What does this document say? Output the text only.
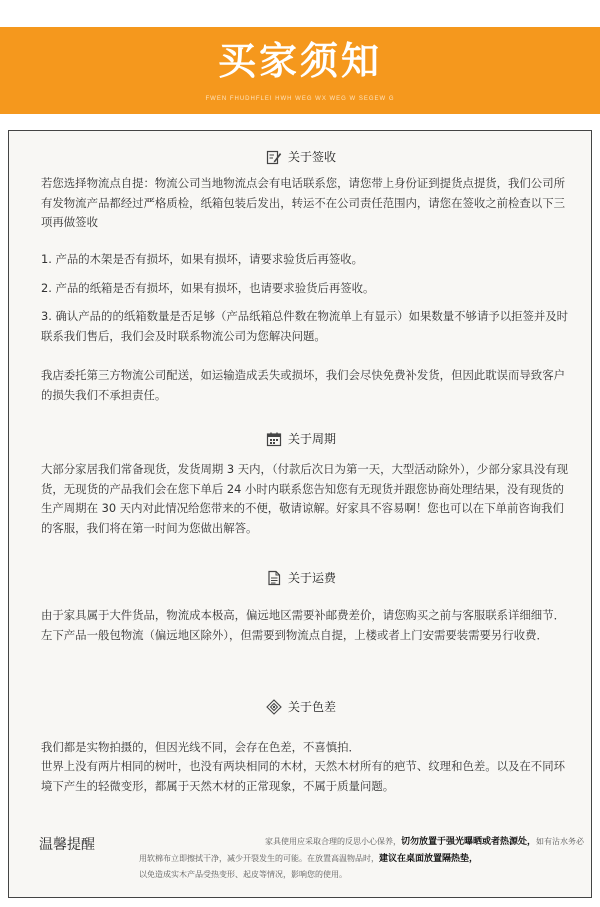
买家须知
FWEN FHUDHFLEI HWH WEG WX WEG W SEGEW G
关于签收
若您选择物流点自提：物流公司当地物流点会有电话联系您，请您带上身份证到提货点提货，我们公司所有发物流产品都经过严格质检，纸箱包装后发出，转运不在公司责任范围内，请您在签收之前检查以下三项再做签收
1. 产品的木架是否有损坏，如果有损坏，请要求验货后再签收。
2. 产品的纸箱是否有损坏，如果有损坏，也请要求验货后再签收。
3. 确认产品的的纸箱数量是否足够（产品纸箱总件数在物流单上有显示）如果数量不够请予以拒签并及时联系我们售后，我们会及时联系物流公司为您解决问题。
我店委托第三方物流公司配送，如运输造成丢失或损坏，我们会尽快免费补发货，但因此耽误而导致客户的损失我们不承担责任。
关于周期
大部分家居我们常备现货，发货周期 3 天内，（付款后次日为第一天，大型活动除外），少部分家具没有现货，无现货的产品我们会在您下单后 24 小时内联系您告知您有无现货并跟您协商处理结果，没有现货的生产周期在 30 天内对此情况给您带来的不便，敬请谅解。好家具不容易啊！您也可以在下单前咨询我们的客服，我们将在第一时间为您做出解答。
关于运费
由于家具属于大件货品，物流成本极高，偏远地区需要补邮费差价，请您购买之前与客服联系详细细节．左下产品一般包物流（偏远地区除外），但需要到物流点自提，上楼或者上门安需要装需要另行收费．
关于色差
我们都是实物拍摄的，但因光线不同，会存在色差，不喜慎拍．
世界上没有两片相同的树叶，也没有两块相同的木材，天然木材所有的疤节、纹理和色差。以及在不同环境下产生的轻微变形，都属于天然木材的正常现象，不属于质量问题。
温馨提醒	家具使用应采取合理的反思小心保养，切勿放置于强光曝晒或者热源处，如有沾水务必
用软棉布立即擦拭干净，减少开裂发生的可能。在放置高温物品时，建议在桌面放置隔热垫，
以免造成实木产品受热变形、起皮等情况，影响您的使用。
